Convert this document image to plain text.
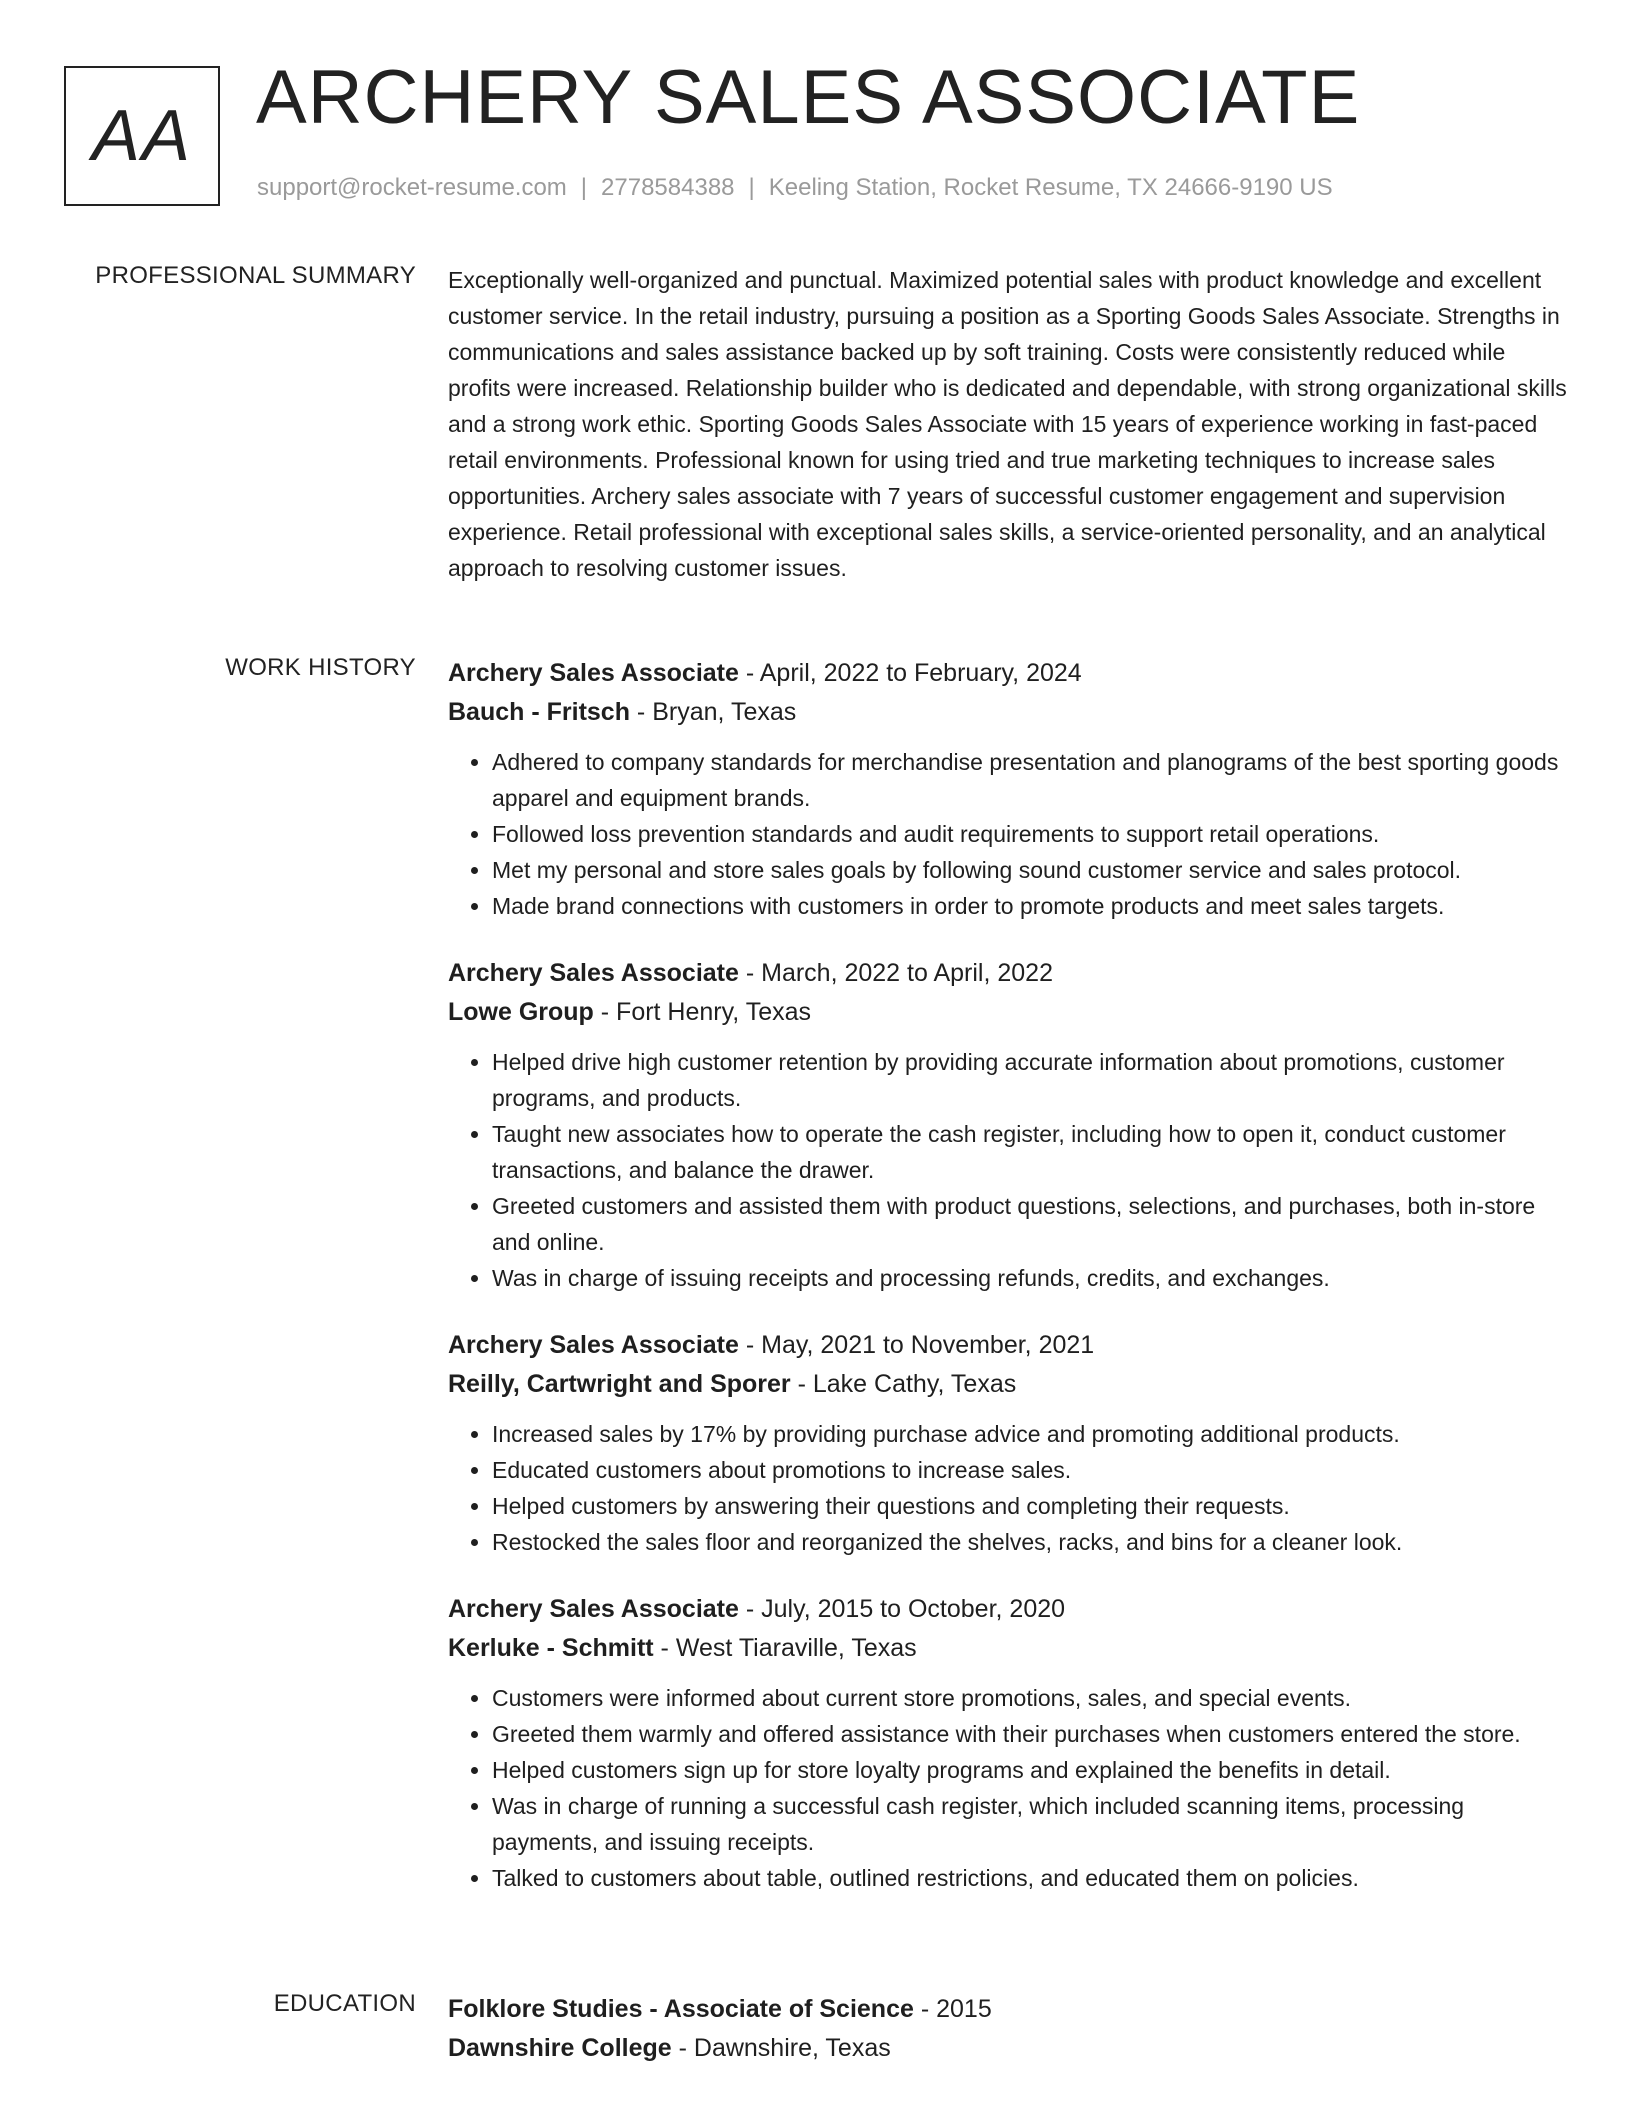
AA ARCHERY SALES ASSOCIATE
support@rocket-resume.com | 2778584388 | Keeling Station, Rocket Resume, TX 24666-9190 US
PROFESSIONAL SUMMARY Exceptionally well-organized and punctual. Maximized potential sales with product knowledge and excellent customer service. In the retail industry, pursuing a position as a Sporting Goods Sales Associate. Strengths in communications and sales assistance backed up by soft training. Costs were consistently reduced while profits were increased. Relationship builder who is dedicated and dependable, with strong organizational skills and a strong work ethic. Sporting Goods Sales Associate with 15 years of experience working in fast-paced retail environments. Professional known for using tried and true marketing techniques to increase sales opportunities. Archery sales associate with 7 years of successful customer engagement and supervision experience. Retail professional with exceptional sales skills, a service-oriented personality, and an analytical approach to resolving customer issues.

WORK HISTORY Archery Sales Associate - April, 2022 to February, 2024
Bauch - Fritsch - Bryan, Texas
• Adhered to company standards for merchandise presentation and planograms of the best sporting goods apparel and equipment brands.
• Followed loss prevention standards and audit requirements to support retail operations.
• Met my personal and store sales goals by following sound customer service and sales protocol.
• Made brand connections with customers in order to promote products and meet sales targets.
Archery Sales Associate - March, 2022 to April, 2022
Lowe Group - Fort Henry, Texas
• Helped drive high customer retention by providing accurate information about promotions, customer programs, and products.
• Taught new associates how to operate the cash register, including how to open it, conduct customer transactions, and balance the drawer.
• Greeted customers and assisted them with product questions, selections, and purchases, both in-store and online.
• Was in charge of issuing receipts and processing refunds, credits, and exchanges.
Archery Sales Associate - May, 2021 to November, 2021
Reilly, Cartwright and Sporer - Lake Cathy, Texas
• Increased sales by 17% by providing purchase advice and promoting additional products.
• Educated customers about promotions to increase sales.
• Helped customers by answering their questions and completing their requests.
• Restocked the sales floor and reorganized the shelves, racks, and bins for a cleaner look.
Archery Sales Associate - July, 2015 to October, 2020
Kerluke - Schmitt - West Tiaraville, Texas
• Customers were informed about current store promotions, sales, and special events.
• Greeted them warmly and offered assistance with their purchases when customers entered the store.
• Helped customers sign up for store loyalty programs and explained the benefits in detail.
• Was in charge of running a successful cash register, which included scanning items, processing payments, and issuing receipts.
• Talked to customers about table, outlined restrictions, and educated them on policies.
EDUCATION Folklore Studies - Associate of Science - 2015
Dawnshire College - Dawnshire, Texas
